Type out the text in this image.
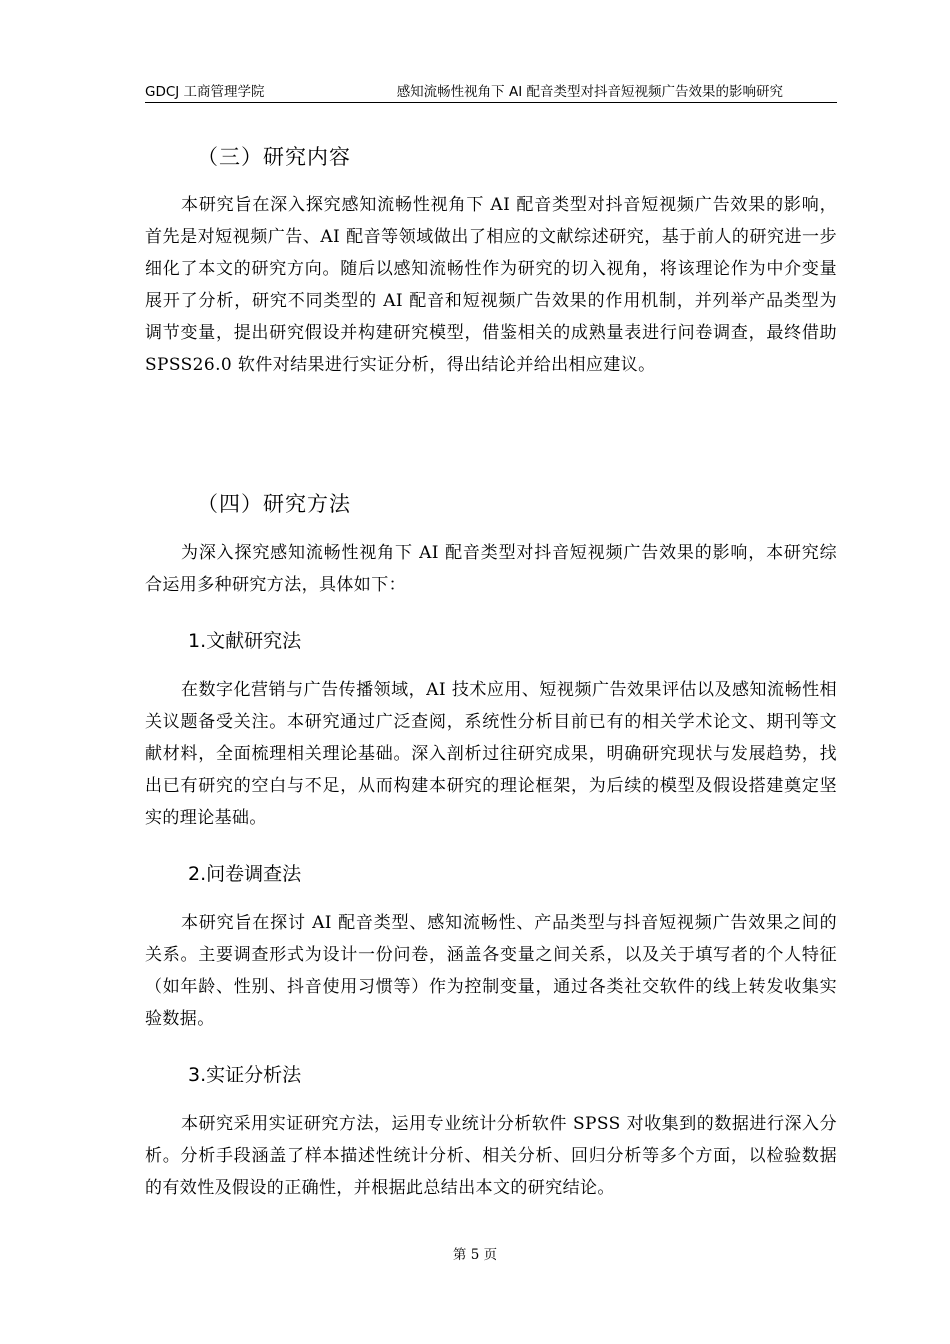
GDCJ 工商管理学院	感知流畅性视角下 AI 配音类型对抖音短视频广告效果的影响研究
（三）研究内容

本研究旨在深入探究感知流畅性视角下 AI 配音类型对抖音短视频广告效果的影响，首先是对短视频广告、AI 配音等领域做出了相应的文献综述研究，基于前人的研究进一步细化了本文的研究方向。随后以感知流畅性作为研究的切入视角，将该理论作为中介变量展开了分析，研究不同类型的 AI 配音和短视频广告效果的作用机制，并列举产品类型为调节变量，提出研究假设并构建研究模型，借鉴相关的成熟量表进行问卷调查，最终借助 SPSS26.0 软件对结果进行实证分析，得出结论并给出相应建议。

（四）研究方法

为深入探究感知流畅性视角下 AI 配音类型对抖音短视频广告效果的影响，本研究综合运用多种研究方法，具体如下：

1.文献研究法

在数字化营销与广告传播领域，AI 技术应用、短视频广告效果评估以及感知流畅性相关议题备受关注。本研究通过广泛查阅，系统性分析目前已有的相关学术论文、期刊等文献材料，全面梳理相关理论基础。深入剖析过往研究成果，明确研究现状与发展趋势，找出已有研究的空白与不足，从而构建本研究的理论框架，为后续的模型及假设搭建奠定坚实的理论基础。

2.问卷调查法

本研究旨在探讨 AI 配音类型、感知流畅性、产品类型与抖音短视频广告效果之间的关系。主要调查形式为设计一份问卷，涵盖各变量之间关系，以及关于填写者的个人特征（如年龄、性别、抖音使用习惯等）作为控制变量，通过各类社交软件的线上转发收集实验数据。

3.实证分析法

本研究采用实证研究方法，运用专业统计分析软件 SPSS 对收集到的数据进行深入分析。分析手段涵盖了样本描述性统计分析、相关分析、回归分析等多个方面，以检验数据的有效性及假设的正确性，并根据此总结出本文的研究结论。

第 5 页
